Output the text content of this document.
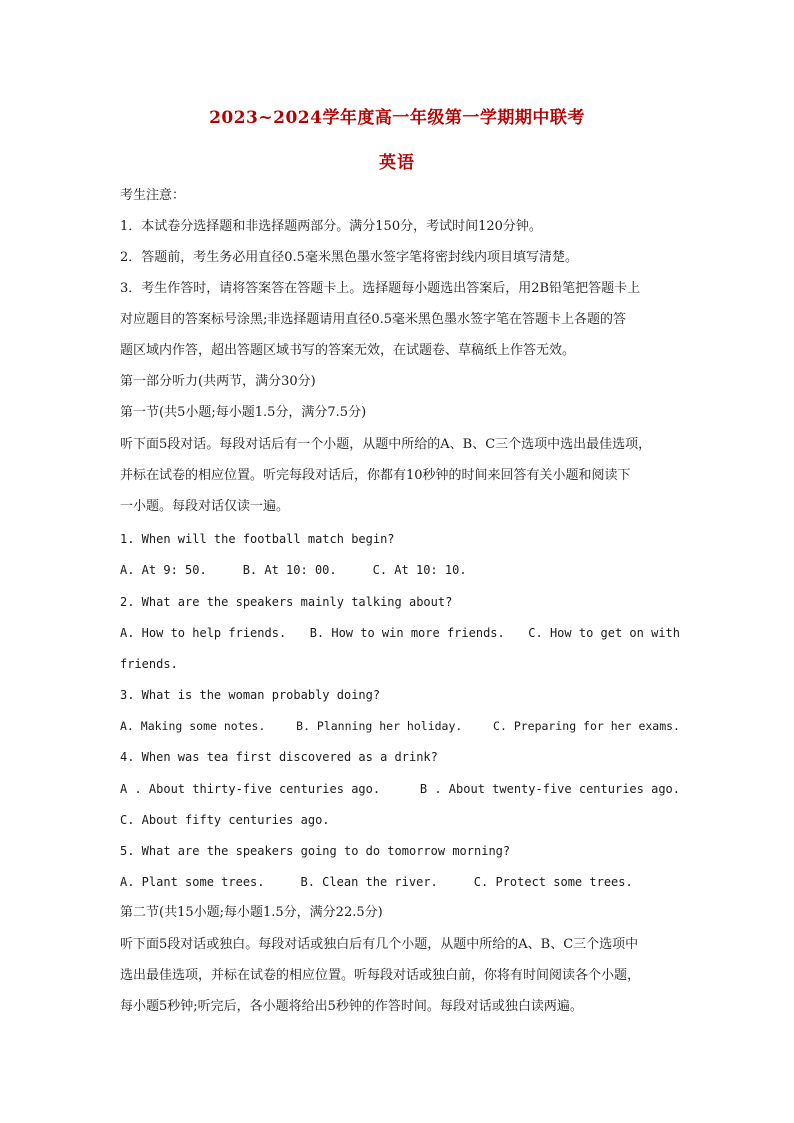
2023~2024学年度高一年级第一学期期中联考
英语
考生注意：
1．本试卷分选择题和非选择题两部分。满分150分，考试时间120分钟。
2．答题前，考生务必用直径0.5毫米黑色墨水签字笔将密封线内项目填写清楚。
3．考生作答时，请将答案答在答题卡上。选择题每小题选出答案后，用2B铅笔把答题卡上
对应题目的答案标号涂黑;非选择题请用直径0.5毫米黑色墨水签字笔在答题卡上各题的答
题区域内作答，超出答题区域书写的答案无效，在试题卷、草稿纸上作答无效。
第一部分听力(共两节，满分30分)
第一节(共5小题;每小题1.5分，满分7.5分)
听下面5段对话。每段对话后有一个小题，从题中所给的A、B、C三个选项中选出最佳选项，
并标在试卷的相应位置。听完每段对话后，你都有10秒钟的时间来回答有关小题和阅读下
一小题。每段对话仅读一遍。
1. When will the football match begin?
A. At 9: 50.	B. At 10: 00.	C. At 10: 10.
2. What are the speakers mainly talking about?
A. How to help friends. B. How to win more friends. C. How to get on with
friends.
3. What is the woman probably doing?
A. Making some notes.	B. Planning her holiday.	C. Preparing for her exams.
4. When was tea first discovered as a drink?
A . About thirty-five centuries ago.	B . About twenty-five centuries ago.
C. About fifty centuries ago.
5. What are the speakers going to do tomorrow morning?
A. Plant some trees.	B. Clean the river.	C. Protect some trees.
第二节(共15小题;每小题1.5分，满分22.5分)
听下面5段对话或独白。每段对话或独白后有几个小题，从题中所给的A、B、C三个选项中
选出最佳选项，并标在试卷的相应位置。听每段对话或独白前，你将有时间阅读各个小题，
每小题5秒钟;听完后，各小题将给出5秒钟的作答时间。每段对话或独白读两遍。
